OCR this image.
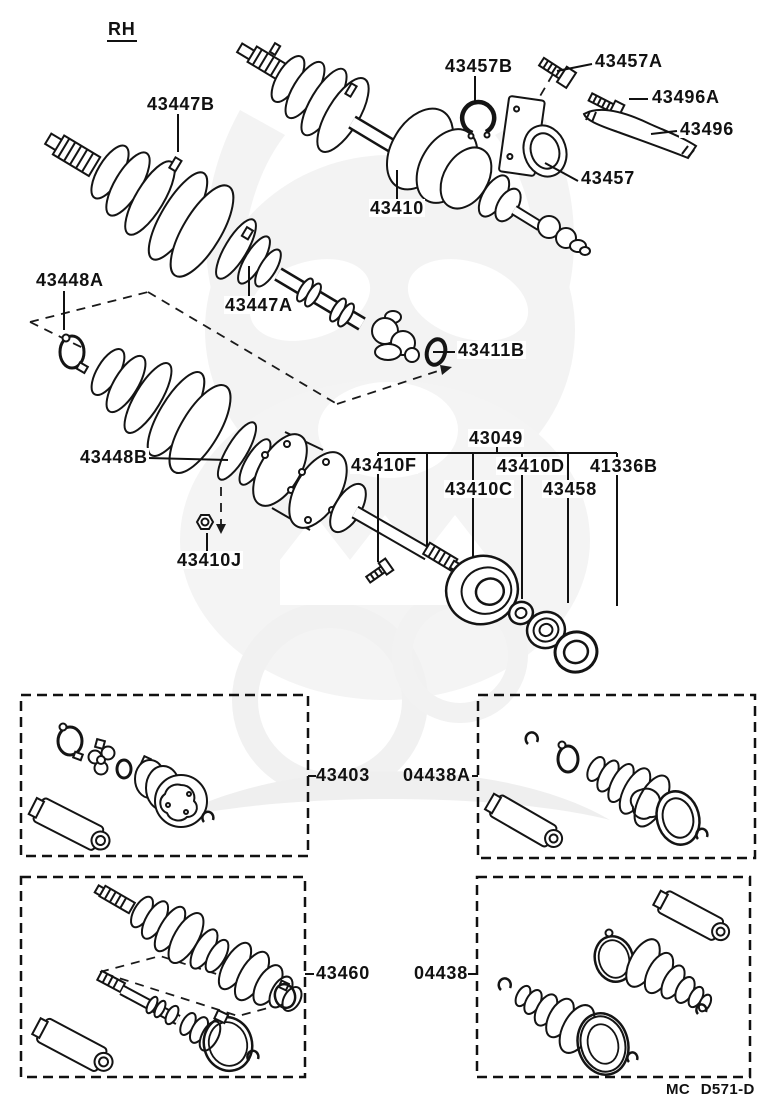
RH
43447B
43457B	43457A
43496A
43496
43457
43410
43448A
43447A
43411B
43049
43410F	43410D 41336B
43410C 43458
43448B
43410J
43403 04438A
43460 04438
MC D571-D
